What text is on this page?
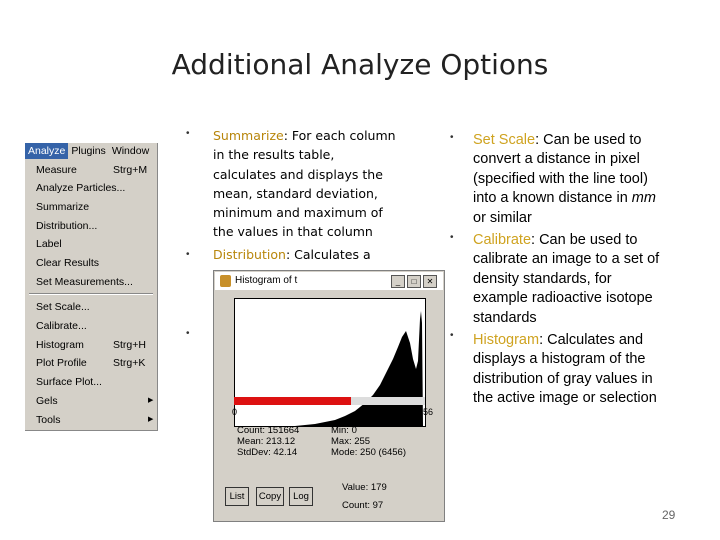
Additional Analyze Options
Analyze Plugins Window
Measure	Strg+M
Analyze Particles...
Summarize
Distribution...
Label
Clear Results
Set Measurements...
Set Scale...
Calibrate...
Histogram	Strg+H
Plot Profile Strg+K
Surface Plot...
Gels	▶
Tools	▶
•
•
•
Summarize: For each column in the results table, calculates and displays the mean, standard deviation, minimum and maximum of the values in that column
Distribution: Calculates a
Histogram of t	_	□	✕
0	256
Count: 151664
Mean: 213.12
StdDev: 42.14
Min: 0
Max: 255
Mode: 250 (6456)
List	Copy	Log
Value: 179
Count: 97
•
•
•
Set Scale: Can be used to convert a distance in pixel (specified with the line tool) into a known distance in mm or similar
Calibrate: Can be used to calibrate an image to a set of density standards, for example radioactive isotope standards
Histogram: Calculates and displays a histogram of the distribution of gray values in the active image or selection
29
